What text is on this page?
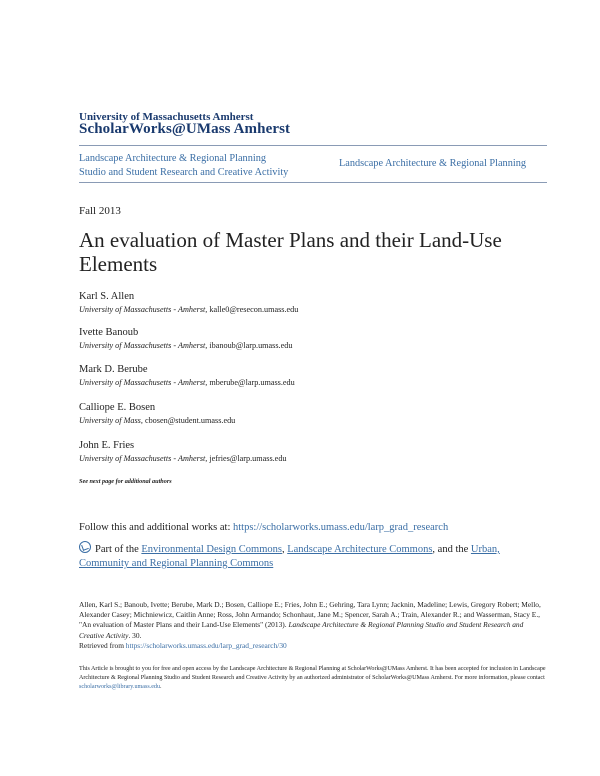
University of Massachusetts Amherst
ScholarWorks@UMass Amherst
Landscape Architecture & Regional Planning
Studio and Student Research and Creative Activity
Landscape Architecture & Regional Planning
Fall 2013
An evaluation of Master Plans and their Land-Use Elements
Karl S. Allen
University of Massachusetts - Amherst, kalle0@resecon.umass.edu
Ivette Banoub
University of Massachusetts - Amherst, ibanoub@larp.umass.edu
Mark D. Berube
University of Massachusetts - Amherst, mberube@larp.umass.edu
Calliope E. Bosen
University of Mass, cbosen@student.umass.edu
John E. Fries
University of Massachusetts - Amherst, jefries@larp.umass.edu
See next page for additional authors
Follow this and additional works at: https://scholarworks.umass.edu/larp_grad_research
Part of the Environmental Design Commons, Landscape Architecture Commons, and the Urban, Community and Regional Planning Commons
Allen, Karl S.; Banoub, Ivette; Berube, Mark D.; Bosen, Calliope E.; Fries, John E.; Gehring, Tara Lynn; Jacknin, Madeline; Lewis, Gregory Robert; Mello, Alexander Casey; Michniewicz, Caitlin Anne; Ross, John Armando; Schonhaut, Jane M.; Spencer, Sarah A.; Train, Alexander R.; and Wasserman, Stacy E., "An evaluation of Master Plans and their Land-Use Elements" (2013). Landscape Architecture & Regional Planning Studio and Student Research and Creative Activity. 30.
Retrieved from https://scholarworks.umass.edu/larp_grad_research/30
This Article is brought to you for free and open access by the Landscape Architecture & Regional Planning at ScholarWorks@UMass Amherst. It has been accepted for inclusion in Landscape Architecture & Regional Planning Studio and Student Research and Creative Activity by an authorized administrator of ScholarWorks@UMass Amherst. For more information, please contact scholarworks@library.umass.edu.
